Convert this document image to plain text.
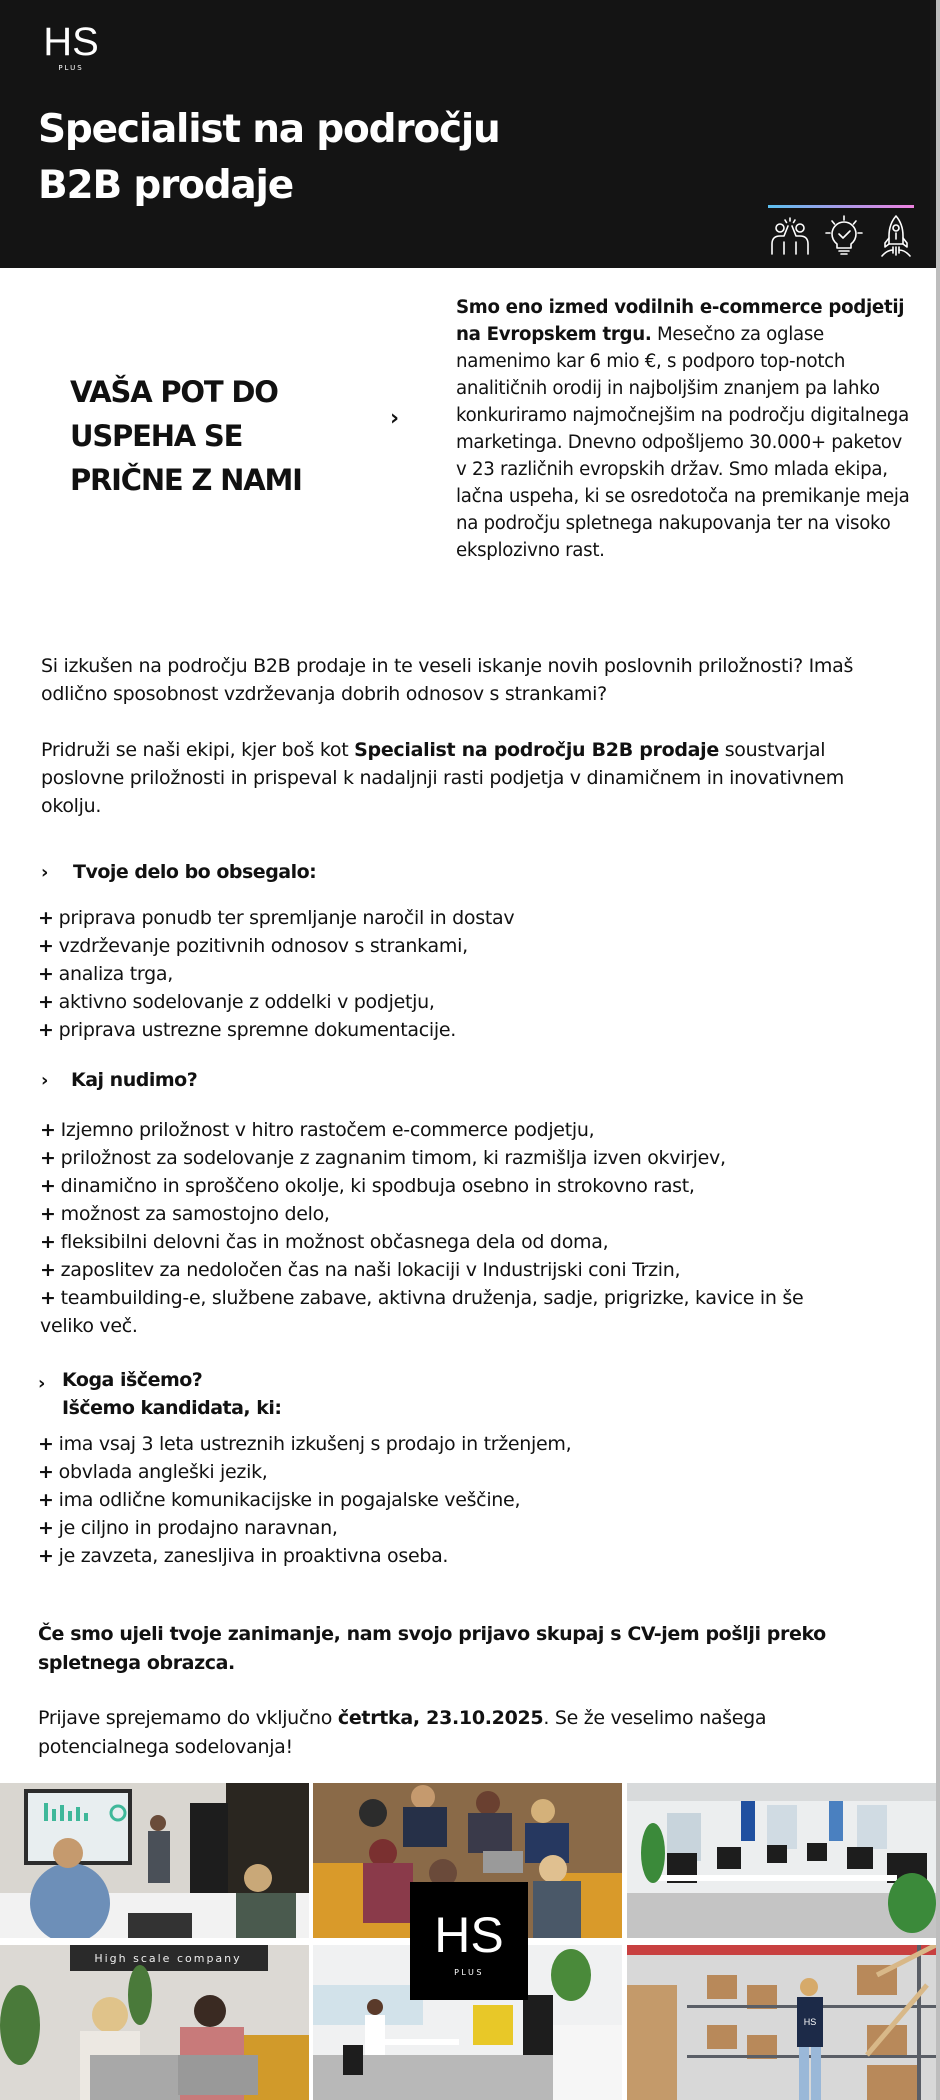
HS
PLUS
Specialist na področju
B2B prodaje
VAŠA POT DO
USPEHA SE
PRIČNE Z NAMI
›

Smo eno izmed vodilnih e-commerce podjetij na Evropskem trgu. Mesečno za oglase namenimo kar 6 mio €, s podporo top-notch analitičnih orodij in najboljšim znanjem pa lahko konkuriramo najmočnejšim na področju digitalnega marketinga. Dnevno odpošljemo 30.000+ paketov v 23 različnih evropskih držav. Smo mlada ekipa, lačna uspeha, ki se osredotoča na premikanje meja na področju spletnega nakupovanja ter na visoko eksplozivno rast.

Si izkušen na področju B2B prodaje in te veseli iskanje novih poslovnih priložnosti? Imaš odlično sposobnost vzdrževanja dobrih odnosov s strankami?

Pridruži se naši ekipi, kjer boš kot Specialist na področju B2B prodaje soustvarjal poslovne priložnosti in prispeval k nadaljnji rasti podjetja v dinamičnem in inovativnem okolju.

› Tvoje delo bo obsegalo:
+ priprava ponudb ter spremljanje naročil in dostav
+ vzdrževanje pozitivnih odnosov s strankami,
+ analiza trga,
+ aktivno sodelovanje z oddelki v podjetju,
+ priprava ustrezne spremne dokumentacije.
› Kaj nudimo?
+ Izjemno priložnost v hitro rastočem e-commerce podjetju,
+ priložnost za sodelovanje z zagnanim timom, ki razmišlja izven okvirjev,
+ dinamično in sproščeno okolje, ki spodbuja osebno in strokovno rast,
+ možnost za samostojno delo,
+ fleksibilni delovni čas in možnost občasnega dela od doma,
+ zaposlitev za nedoločen čas na naši lokaciji v Industrijski coni Trzin,
+ teambuilding-e, službene zabave, aktivna druženja, sadje, prigrizke, kavice in še
veliko več.
› Koga iščemo?
Iščemo kandidata, ki:
+ ima vsaj 3 leta ustreznih izkušenj s prodajo in trženjem,
+ obvlada angleški jezik,
+ ima odlične komunikacijske in pogajalske veščine,
+ je ciljno in prodajno naravnan,
+ je zavzeta, zanesljiva in proaktivna oseba.

Če smo ujeli tvoje zanimanje, nam svojo prijavo skupaj s CV-jem pošlji preko spletnega obrazca.

Prijave sprejemamo do vključno četrtka, 23.10.2025. Se že veselimo našega potencialnega sodelovanja!

High scale company
HS
HS
PLUS
